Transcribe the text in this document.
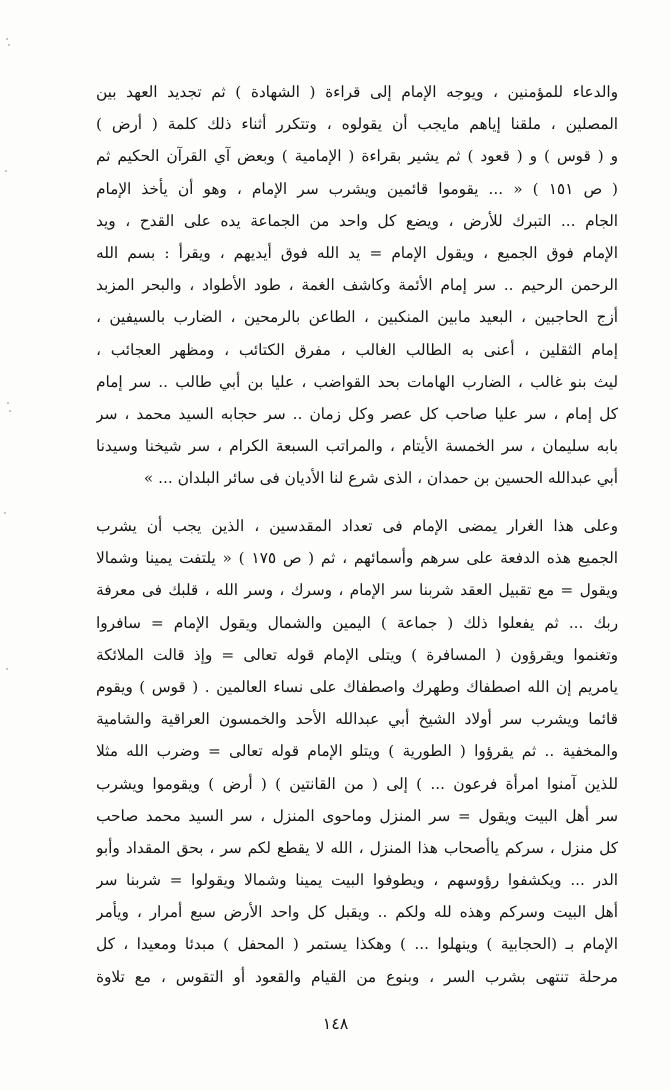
والدعاء للمؤمنين ، ويوجه الإمام إلى قراءة ( الشهادة ) ثم تجديد العهد بين
المصلين ، ملقنا إياهم مايجب أن يقولوه ، وتتكرر أثناء ذلك كلمة ( أرض )
و ( قوس ) و ( قعود ) ثم يشير بقراءة ( الإمامية ) وبعض آي القرآن الحكيم ثم
( ص ١٥١ ) « ... يقوموا قائمين ويشرب سر الإمام ، وهو أن يأخذ الإمام
الجام ... التبرك للأرض ، ويضع كل واحد من الجماعة يده على القدح ، ويد
الإمام فوق الجميع ، ويقول الإمام = يد الله فوق أيديهم ، ويقرأ : بسم الله
الرحمن الرحيم .. سر إمام الأئمة وكاشف الغمة ، طود الأطواد ، والبحر المزبد
أزج الحاجبين ، البعيد مابين المنكبين ، الطاعن بالرمحين ، الضارب بالسيفين ،
إمام الثقلين ، أعنى به الطالب الغالب ، مفرق الكتائب ، ومظهر العجائب ،
ليث بنو غالب ، الضارب الهامات بحد القواضب ، عليا بن أبي طالب .. سر إمام
كل إمام ، سر عليا صاحب كل عصر وكل زمان .. سر حجابه السيد محمد ، سر
بابه سليمان ، سر الخمسة الأيتام ، والمراتب السبعة الكرام ، سر شيخنا وسيدنا
أبي عبدالله الحسين بن حمدان ، الذى شرع لنا الأديان فى سائر البلدان ... »
وعلى هذا الغرار يمضى الإمام فى تعداد المقدسين ، الذين يجب أن يشرب
الجميع هذه الدفعة على سرهم وأسمائهم ، ثم ( ص ١٧٥ ) « يلتفت يمينا وشمالا
ويقول = مع تقبيل العقد شربنا سر الإمام ، وسرك ، وسر الله ، قلبك فى معرفة
ربك ... ثم يفعلوا ذلك ( جماعة ) اليمين والشمال ويقول الإمام = سافروا
وتغنموا ويقرؤون ( المسافرة ) ويتلى الإمام قوله تعالى = وإذ قالت الملائكة
يامريم إن الله اصطفاك وطهرك واصطفاك على نساء العالمين . ( قوس ) ويقوم
قائما ويشرب سر أولاد الشيخ أبي عبدالله الأحد والخمسون العراقية والشامية
والمخفية .. ثم يقرؤوا ( الطورية ) ويتلو الإمام قوله تعالى = وضرب الله مثلا
للذين آمنوا امرأة فرعون ... ) إلى ( من القانتين ) ( أرض ) ويقوموا ويشرب
سر أهل البيت ويقول = سر المنزل وماحوى المنزل ، سر السيد محمد صاحب
كل منزل ، سركم ياأصحاب هذا المنزل ، الله لا يقطع لكم سر ، بحق المقداد وأبو
الدر ... ويكشفوا رؤوسهم ، ويطوفوا البيت يمينا وشمالا ويقولوا = شربنا سر
أهل البيت وسركم وهذه لله ولكم .. ويقبل كل واحد الأرض سبع أمرار ، ويأمر
الإمام بـ (الحجابية ) وينهلوا ... ) وهكذا يستمر ( المحفل ) مبدئا ومعيدا ، كل
مرحلة تنتهى بشرب السر ، وبنوع من القيام والقعود أو التقوس ، مع تلاوة
١٤٨
